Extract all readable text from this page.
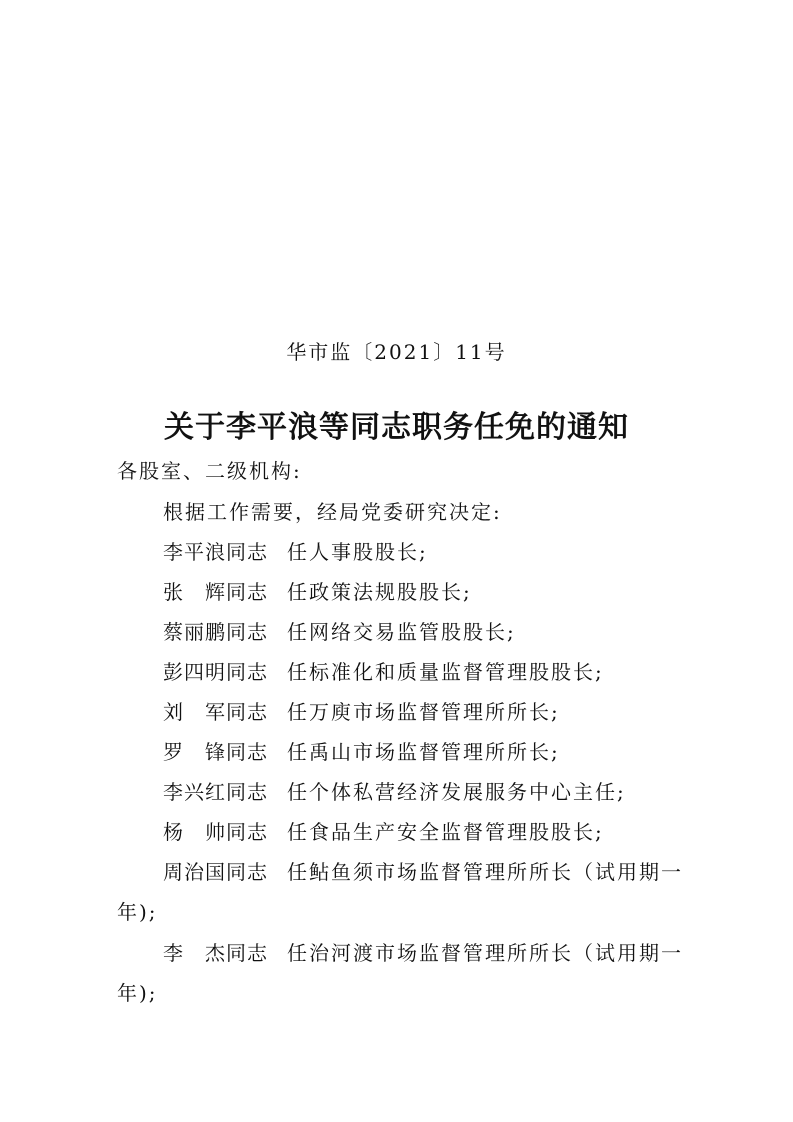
华市监〔2021〕11号
关于李平浪等同志职务任免的通知
各股室、二级机构:
根据工作需要，经局党委研究决定:
李平浪同志 任人事股股长;
张　辉同志 任政策法规股股长;
蔡丽鹏同志 任网络交易监管股股长;
彭四明同志 任标准化和质量监督管理股股长;
刘　军同志 任万庾市场监督管理所所长;
罗　锋同志 任禹山市场监督管理所所长;
李兴红同志 任个体私营经济发展服务中心主任;
杨　帅同志 任食品生产安全监督管理股股长;
周治国同志 任鲇鱼须市场监督管理所所长（试用期一
年);
李　杰同志 任治河渡市场监督管理所所长（试用期一
年);
